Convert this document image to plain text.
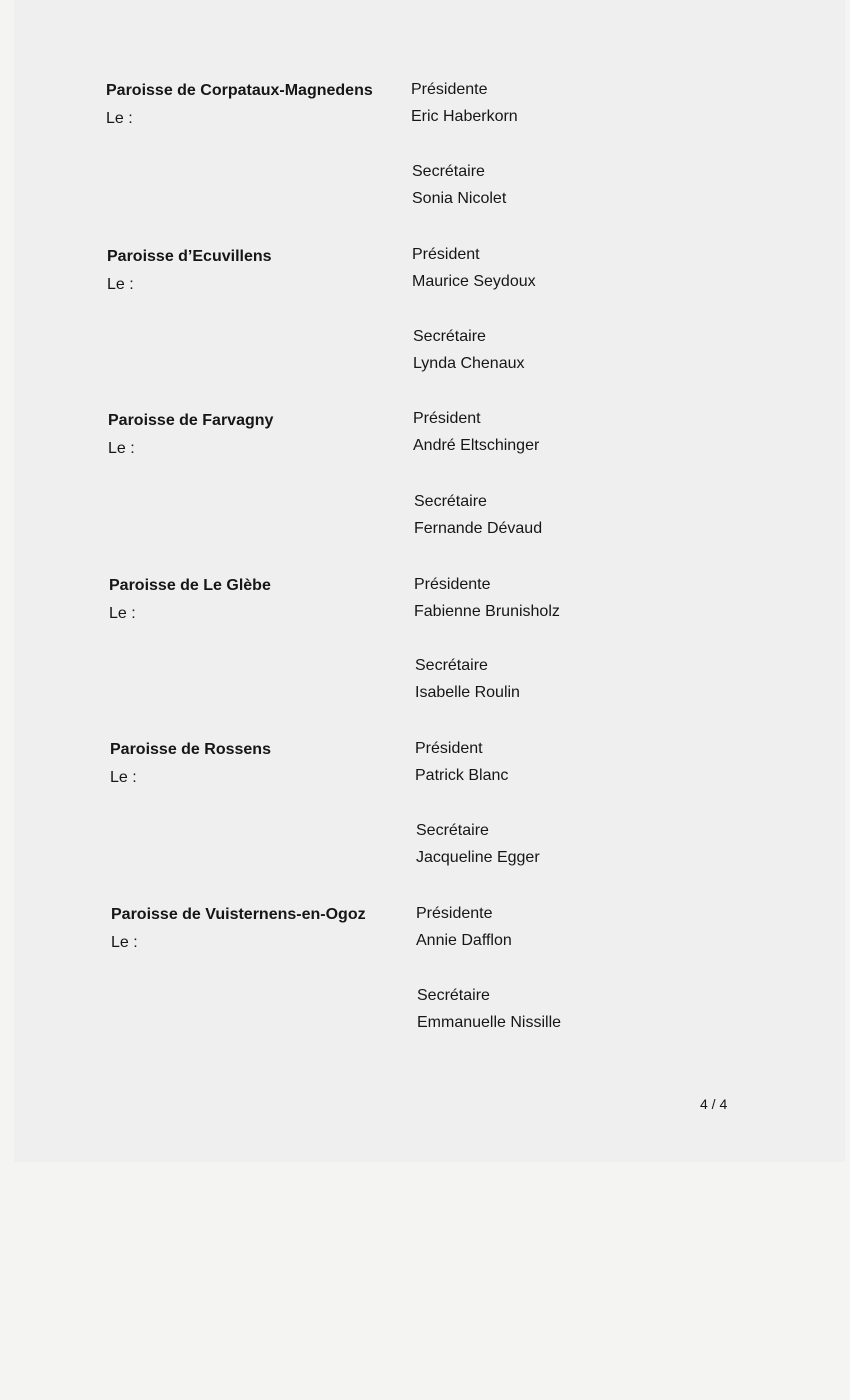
Paroisse de Corpataux-Magnedens
Le :
Présidente
Eric Haberkorn
Secrétaire
Sonia Nicolet
Paroisse d’Ecuvillens
Le :
Président
Maurice Seydoux
Secrétaire
Lynda Chenaux
Paroisse de Farvagny
Le :
Président
André Eltschinger
Secrétaire
Fernande Dévaud
Paroisse de Le Glèbe
Le :
Présidente
Fabienne Brunisholz
Secrétaire
Isabelle Roulin
Paroisse de Rossens
Le :
Président
Patrick Blanc
Secrétaire
Jacqueline Egger
Paroisse de Vuisternens-en-Ogoz
Le :
Présidente
Annie Dafflon
Secrétaire
Emmanuelle Nissille
4 / 4
